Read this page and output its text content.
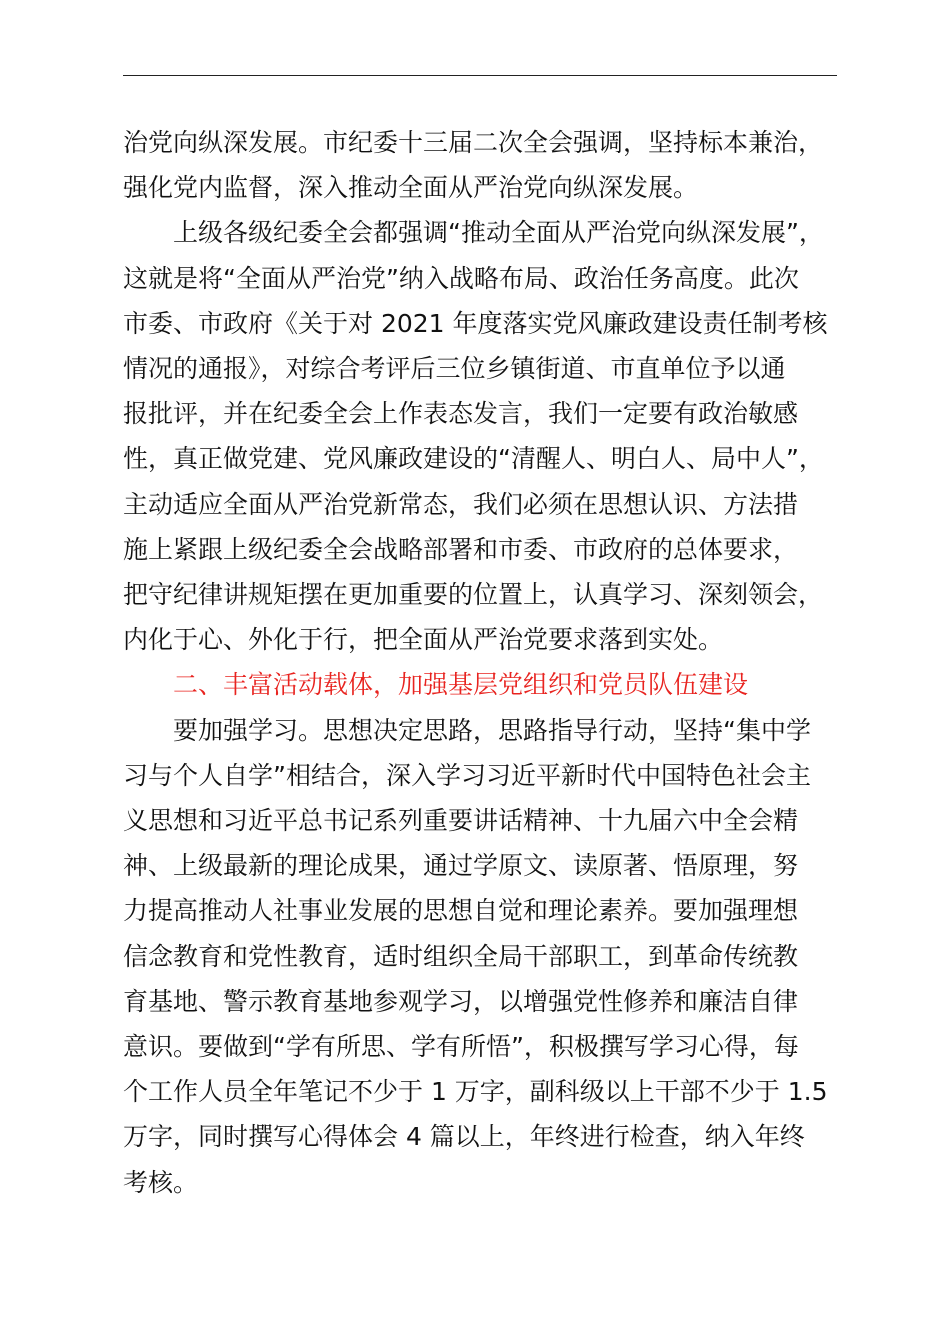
治党向纵深发展。市纪委十三届二次全会强调，坚持标本兼治，
强化党内监督，深入推动全面从严治党向纵深发展。

上级各级纪委全会都强调“推动全面从严治党向纵深发展”，
这就是将“全面从严治党”纳入战略布局、政治任务高度。此次
市委、市政府《关于对 2021 年度落实党风廉政建设责任制考核
情况的通报》，对综合考评后三位乡镇街道、市直单位予以通
报批评，并在纪委全会上作表态发言，我们一定要有政治敏感
性，真正做党建、党风廉政建设的“清醒人、明白人、局中人”，
主动适应全面从严治党新常态，我们必须在思想认识、方法措
施上紧跟上级纪委全会战略部署和市委、市政府的总体要求，
把守纪律讲规矩摆在更加重要的位置上，认真学习、深刻领会，
内化于心、外化于行，把全面从严治党要求落到实处。

二、丰富活动载体，加强基层党组织和党员队伍建设

要加强学习。思想决定思路，思路指导行动，坚持“集中学
习与个人自学”相结合，深入学习习近平新时代中国特色社会主
义思想和习近平总书记系列重要讲话精神、十九届六中全会精
神、上级最新的理论成果，通过学原文、读原著、悟原理，努
力提高推动人社事业发展的思想自觉和理论素养。要加强理想
信念教育和党性教育，适时组织全局干部职工，到革命传统教
育基地、警示教育基地参观学习，以增强党性修养和廉洁自律
意识。要做到“学有所思、学有所悟”，积极撰写学习心得，每
个工作人员全年笔记不少于 1 万字，副科级以上干部不少于 1.5
万字，同时撰写心得体会 4 篇以上，年终进行检查，纳入年终
考核。
